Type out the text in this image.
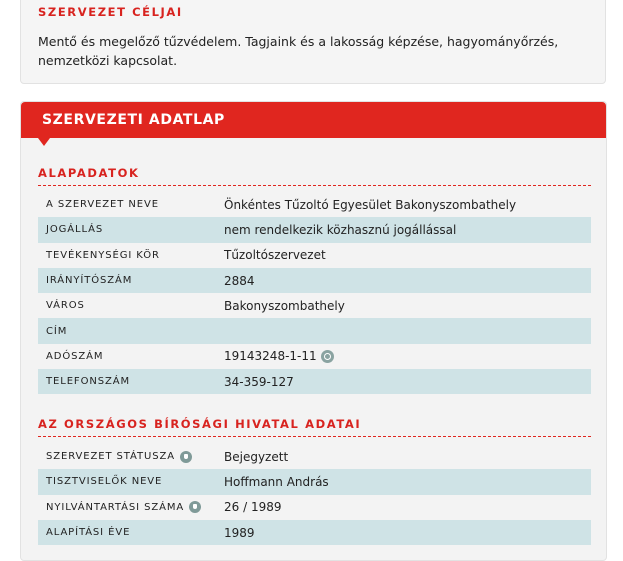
SZERVEZET CÉLJAI
Mentő és megelőző tűzvédelem. Tagjaink és a lakosság képzése, hagyományőrzés, nemzetközi kapcsolat.
SZERVEZETI ADATLAP
ALAPADATOK
A SZERVEZET NEVE	Önkéntes Tűzoltó Egyesület Bakonyszombathely
JOGÁLLÁS	nem rendelkezik közhasznú jogállással
TEVÉKENYSÉGI KÖR	Tűzoltószervezet
IRÁNYÍTÓSZÁM	2884
VÁROS	Bakonyszombathely
CÍM
ADÓSZÁM	19143248-1-11
TELEFONSZÁM	34-359-127
AZ ORSZÁGOS BÍRÓSÁGI HIVATAL ADATAI
SZERVEZET STÁTUSZA	Bejegyzett
TISZTVISELŐK NEVE	Hoffmann András
NYILVÁNTARTÁSI SZÁMA	26 / 1989
ALAPÍTÁSI ÉVE	1989
